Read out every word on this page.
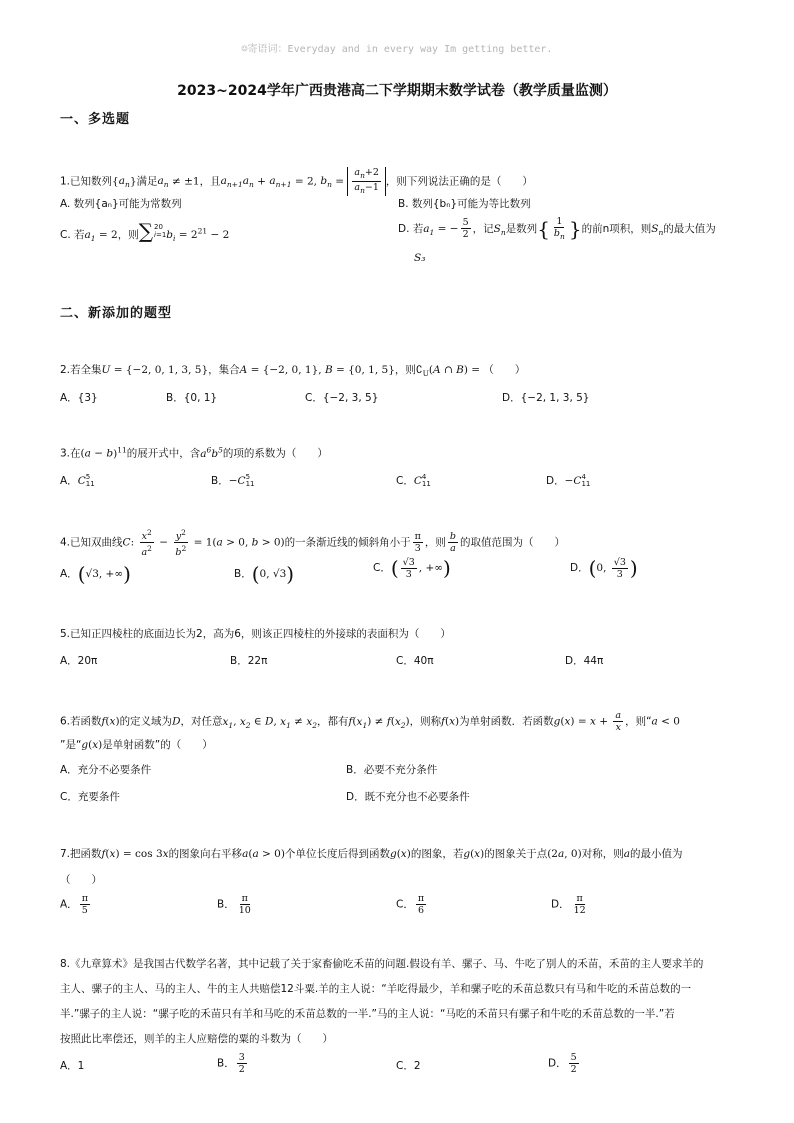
☺寄语词：Everyday and in every way Im getting better.
2023~2024学年广西贵港高二下学期期末数学试卷（教学质量监测）
一、多选题
1.已知数列$\{a_n\}$满足$a_n \ne \pm 1$，且$a_{n+1}a_n + a_{n+1} = 2$, $b_n = \frac{a_n+2}{a_n-1}$ ，则下列说法正确的是（　　）
A. 数列{aₙ}可能为常数列	B. 数列{bₙ}可能为等比数列
C. 若$a_1 = 2$，则 ∑ 20
i=1 $b_i = 2^{21} - 2$
D. 若$a_1$ = − $\frac{5}{2}$ ，记$S_n$是数列{ $\frac{1}{b_n}$ }的前n项积，则$S_n$的最大值为
S₃
二、新添加的题型
2.若全集U = {−2, 0, 1, 3, 5}，集合A = {−2, 0, 1}, B = {0, 1, 5}，则$∁_U(A$ ∩ B) = （　　）
A．{3}	B．{0, 1}	C．{−2, 3, 5}	D．{−2, 1, 3, 5}
3.在$(a - b)^{11}$的展开式中，含$a^6b^5$的项的系数为（　　）
A．C 5
11	B．−C 5
11	C．C 4
11	D．−C 4
11
4.已知双曲线C: $\frac{x^2}{a^2} - \frac{y^2}{b^2} = 1(a > 0$, b > 0)的一条渐近线的倾斜角小于 $\frac{\pi}{3}$ ，则 $\frac{b}{a}$ 的取值范围为（　　）
A．(√3, +∞)	B．(0, √3)	C．( $\frac{√3}{3}$ , +∞)	D．(0, $\frac{√3}{3}$ )
5.已知正四棱柱的底面边长为2，高为6，则该正四棱柱的外接球的表面积为（　　）
A．20π	B．22π	C．40π	D．44π
6.若函数f(x)的定义域为D，对任意$x_1$, $x_2$ ∈ D, $x_1 \ne x_2$，都有$f(x_1) \ne f(x_2)$，则称f(x)为单射函数．若函数$g(x) = x + \frac{a}{x}$ ，则“a < 0
”是“g(x)是单射函数”的（　　）
A．充分不必要条件	B．必要不充分条件
C．充要条件	D．既不充分也不必要条件
7.把函数f(x) = cos 3x的图象向右平移a(a > 0)个单位长度后得到函数g(x)的图象，若g(x)的图象关于点(2a, 0)对称，则a的最小值为
（　　）
A． $\frac{\pi}{5}$	B． $\frac{\pi}{10}$	C． $\frac{\pi}{6}$	D． $\frac{\pi}{12}$
8.《九章算术》是我国古代数学名著，其中记载了关于家畜偷吃禾苗的问题.假设有羊、骡子、马、牛吃了别人的禾苗，禾苗的主人要求羊的
主人、骡子的主人、马的主人、牛的主人共赔偿12斗粟.羊的主人说：“羊吃得最少，羊和骡子吃的禾苗总数只有马和牛吃的禾苗总数的一
半.”骡子的主人说：“骡子吃的禾苗只有羊和马吃的禾苗总数的一半.”马的主人说：“马吃的禾苗只有骡子和牛吃的禾苗总数的一半.”若
按照此比率偿还，则羊的主人应赔偿的粟的斗数为（　　）
A．1	B． $\frac{3}{2}$	C．2	D． $\frac{5}{2}$
